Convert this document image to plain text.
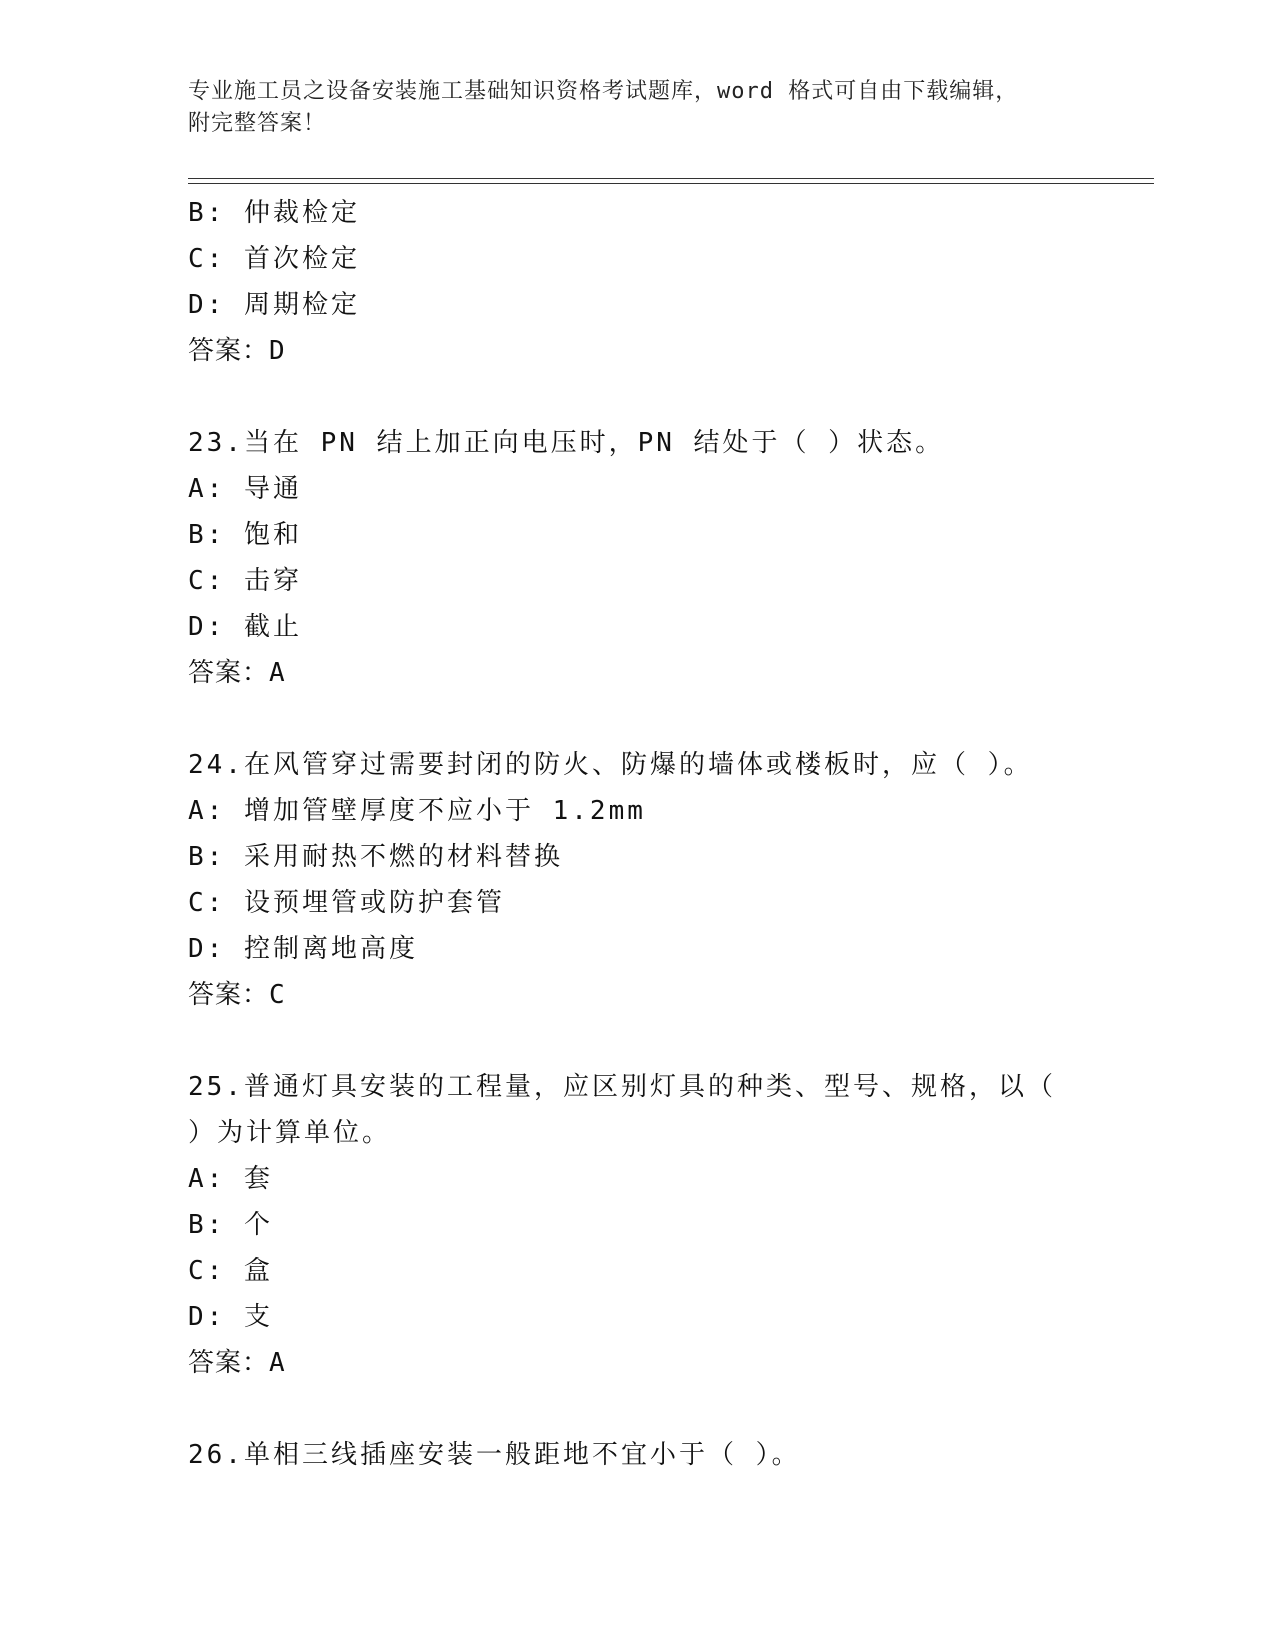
专业施工员之设备安装施工基础知识资格考试题库，word 格式可自由下载编辑，
附完整答案！
B: 仲裁检定
C: 首次检定
D: 周期检定
答案：D
23.当在 PN 结上加正向电压时，PN 结处于（ ）状态。
A: 导通
B: 饱和
C: 击穿
D: 截止
答案：A
24.在风管穿过需要封闭的防火、防爆的墙体或楼板时，应（ ）。
A: 增加管壁厚度不应小于 1.2mm
B: 采用耐热不燃的材料替换
C: 设预埋管或防护套管
D: 控制离地高度
答案：C
25.普通灯具安装的工程量，应区别灯具的种类、型号、规格，以（
）为计算单位。
A: 套
B: 个
C: 盒
D: 支
答案：A
26.单相三线插座安装一般距地不宜小于（ ）。
